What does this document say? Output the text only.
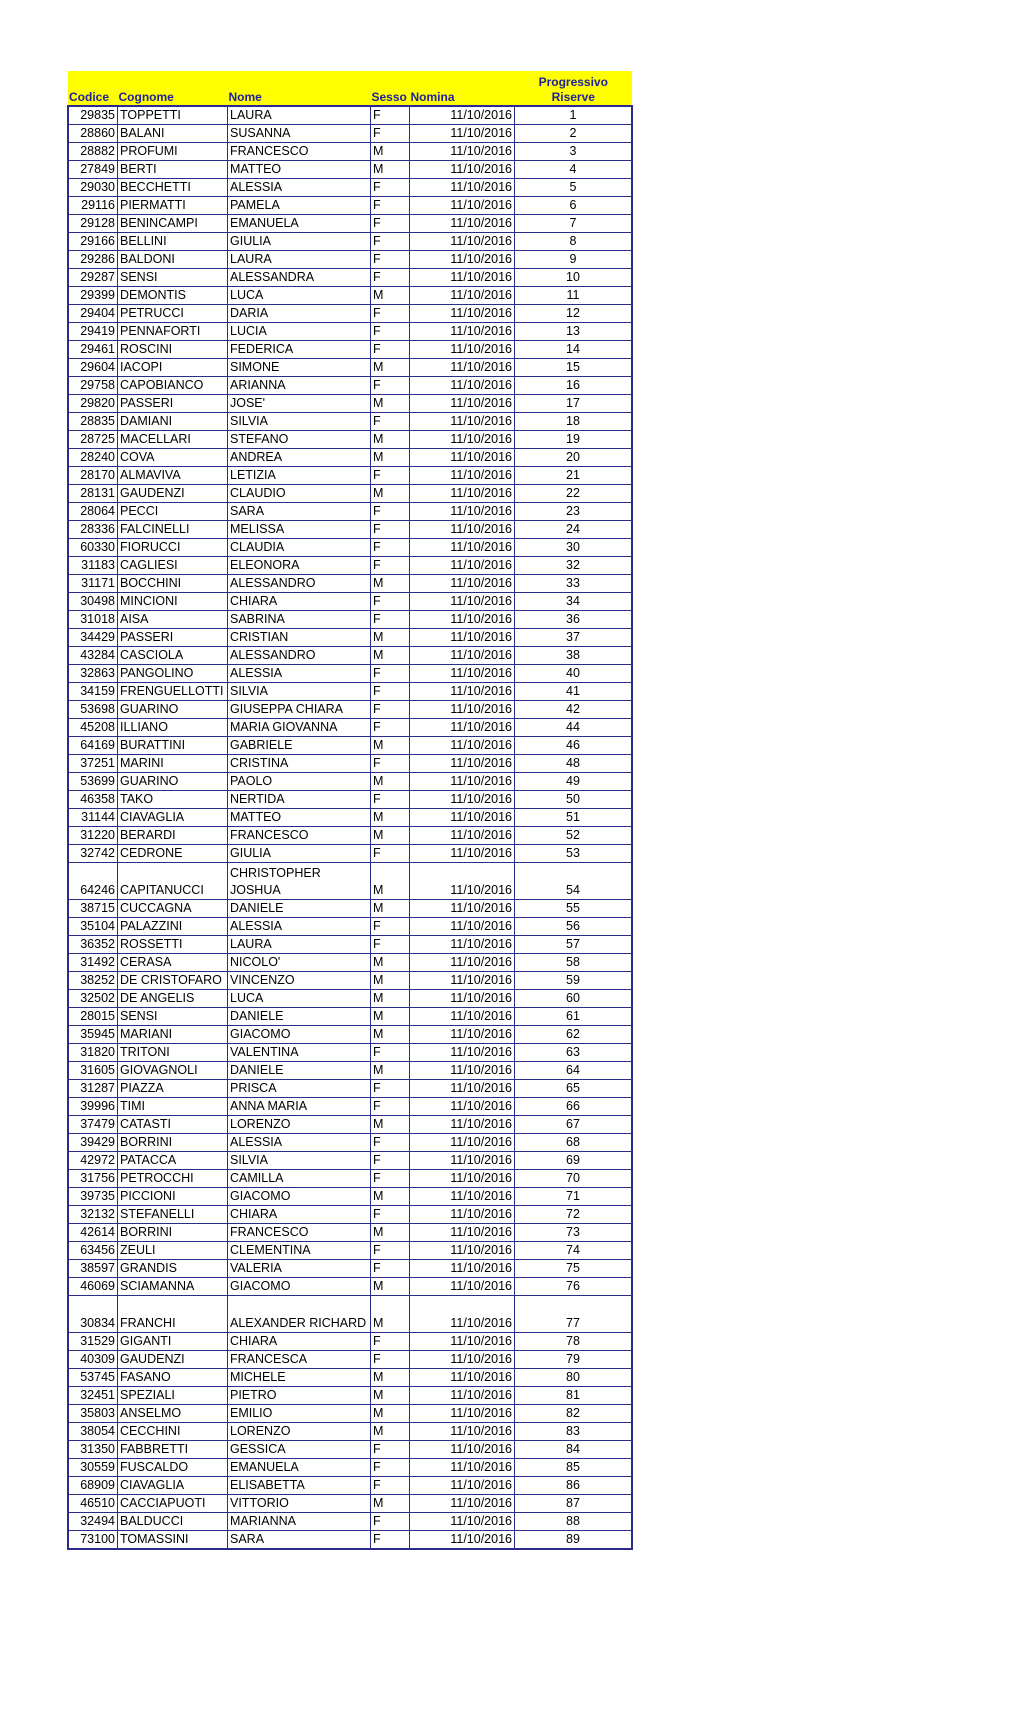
Codice	Cognome	Nome	Sesso	Nomina	Progressivo
Riserve
29835	TOPPETTI	LAURA	F	11/10/2016	1
28860	BALANI	SUSANNA	F	11/10/2016	2
28882	PROFUMI	FRANCESCO	M	11/10/2016	3
27849	BERTI	MATTEO	M	11/10/2016	4
29030	BECCHETTI	ALESSIA	F	11/10/2016	5
29116	PIERMATTI	PAMELA	F	11/10/2016	6
29128	BENINCAMPI	EMANUELA	F	11/10/2016	7
29166	BELLINI	GIULIA	F	11/10/2016	8
29286	BALDONI	LAURA	F	11/10/2016	9
29287	SENSI	ALESSANDRA	F	11/10/2016	10
29399	DEMONTIS	LUCA	M	11/10/2016	11
29404	PETRUCCI	DARIA	F	11/10/2016	12
29419	PENNAFORTI	LUCIA	F	11/10/2016	13
29461	ROSCINI	FEDERICA	F	11/10/2016	14
29604	IACOPI	SIMONE	M	11/10/2016	15
29758	CAPOBIANCO	ARIANNA	F	11/10/2016	16
29820	PASSERI	JOSE'	M	11/10/2016	17
28835	DAMIANI	SILVIA	F	11/10/2016	18
28725	MACELLARI	STEFANO	M	11/10/2016	19
28240	COVA	ANDREA	M	11/10/2016	20
28170	ALMAVIVA	LETIZIA	F	11/10/2016	21
28131	GAUDENZI	CLAUDIO	M	11/10/2016	22
28064	PECCI	SARA	F	11/10/2016	23
28336	FALCINELLI	MELISSA	F	11/10/2016	24
60330	FIORUCCI	CLAUDIA	F	11/10/2016	30
31183	CAGLIESI	ELEONORA	F	11/10/2016	32
31171	BOCCHINI	ALESSANDRO	M	11/10/2016	33
30498	MINCIONI	CHIARA	F	11/10/2016	34
31018	AISA	SABRINA	F	11/10/2016	36
34429	PASSERI	CRISTIAN	M	11/10/2016	37
43284	CASCIOLA	ALESSANDRO	M	11/10/2016	38
32863	PANGOLINO	ALESSIA	F	11/10/2016	40
34159	FRENGUELLOTTI	SILVIA	F	11/10/2016	41
53698	GUARINO	GIUSEPPA CHIARA	F	11/10/2016	42
45208	ILLIANO	MARIA GIOVANNA	F	11/10/2016	44
64169	BURATTINI	GABRIELE	M	11/10/2016	46
37251	MARINI	CRISTINA	F	11/10/2016	48
53699	GUARINO	PAOLO	M	11/10/2016	49
46358	TAKO	NERTIDA	F	11/10/2016	50
31144	CIAVAGLIA	MATTEO	M	11/10/2016	51
31220	BERARDI	FRANCESCO	M	11/10/2016	52
32742	CEDRONE	GIULIA	F	11/10/2016	53
64246	CAPITANUCCI	CHRISTOPHER JOSHUA	M	11/10/2016	54
38715	CUCCAGNA	DANIELE	M	11/10/2016	55
35104	PALAZZINI	ALESSIA	F	11/10/2016	56
36352	ROSSETTI	LAURA	F	11/10/2016	57
31492	CERASA	NICOLO'	M	11/10/2016	58
38252	DE CRISTOFARO	VINCENZO	M	11/10/2016	59
32502	DE ANGELIS	LUCA	M	11/10/2016	60
28015	SENSI	DANIELE	M	11/10/2016	61
35945	MARIANI	GIACOMO	M	11/10/2016	62
31820	TRITONI	VALENTINA	F	11/10/2016	63
31605	GIOVAGNOLI	DANIELE	M	11/10/2016	64
31287	PIAZZA	PRISCA	F	11/10/2016	65
39996	TIMI	ANNA MARIA	F	11/10/2016	66
37479	CATASTI	LORENZO	M	11/10/2016	67
39429	BORRINI	ALESSIA	F	11/10/2016	68
42972	PATACCA	SILVIA	F	11/10/2016	69
31756	PETROCCHI	CAMILLA	F	11/10/2016	70
39735	PICCIONI	GIACOMO	M	11/10/2016	71
32132	STEFANELLI	CHIARA	F	11/10/2016	72
42614	BORRINI	FRANCESCO	M	11/10/2016	73
63456	ZEULI	CLEMENTINA	F	11/10/2016	74
38597	GRANDIS	VALERIA	F	11/10/2016	75
46069	SCIAMANNA	GIACOMO	M	11/10/2016	76
30834	FRANCHI	ALEXANDER RICHARD	M	11/10/2016	77
31529	GIGANTI	CHIARA	F	11/10/2016	78
40309	GAUDENZI	FRANCESCA	F	11/10/2016	79
53745	FASANO	MICHELE	M	11/10/2016	80
32451	SPEZIALI	PIETRO	M	11/10/2016	81
35803	ANSELMO	EMILIO	M	11/10/2016	82
38054	CECCHINI	LORENZO	M	11/10/2016	83
31350	FABBRETTI	GESSICA	F	11/10/2016	84
30559	FUSCALDO	EMANUELA	F	11/10/2016	85
68909	CIAVAGLIA	ELISABETTA	F	11/10/2016	86
46510	CACCIAPUOTI	VITTORIO	M	11/10/2016	87
32494	BALDUCCI	MARIANNA	F	11/10/2016	88
73100	TOMASSINI	SARA	F	11/10/2016	89
